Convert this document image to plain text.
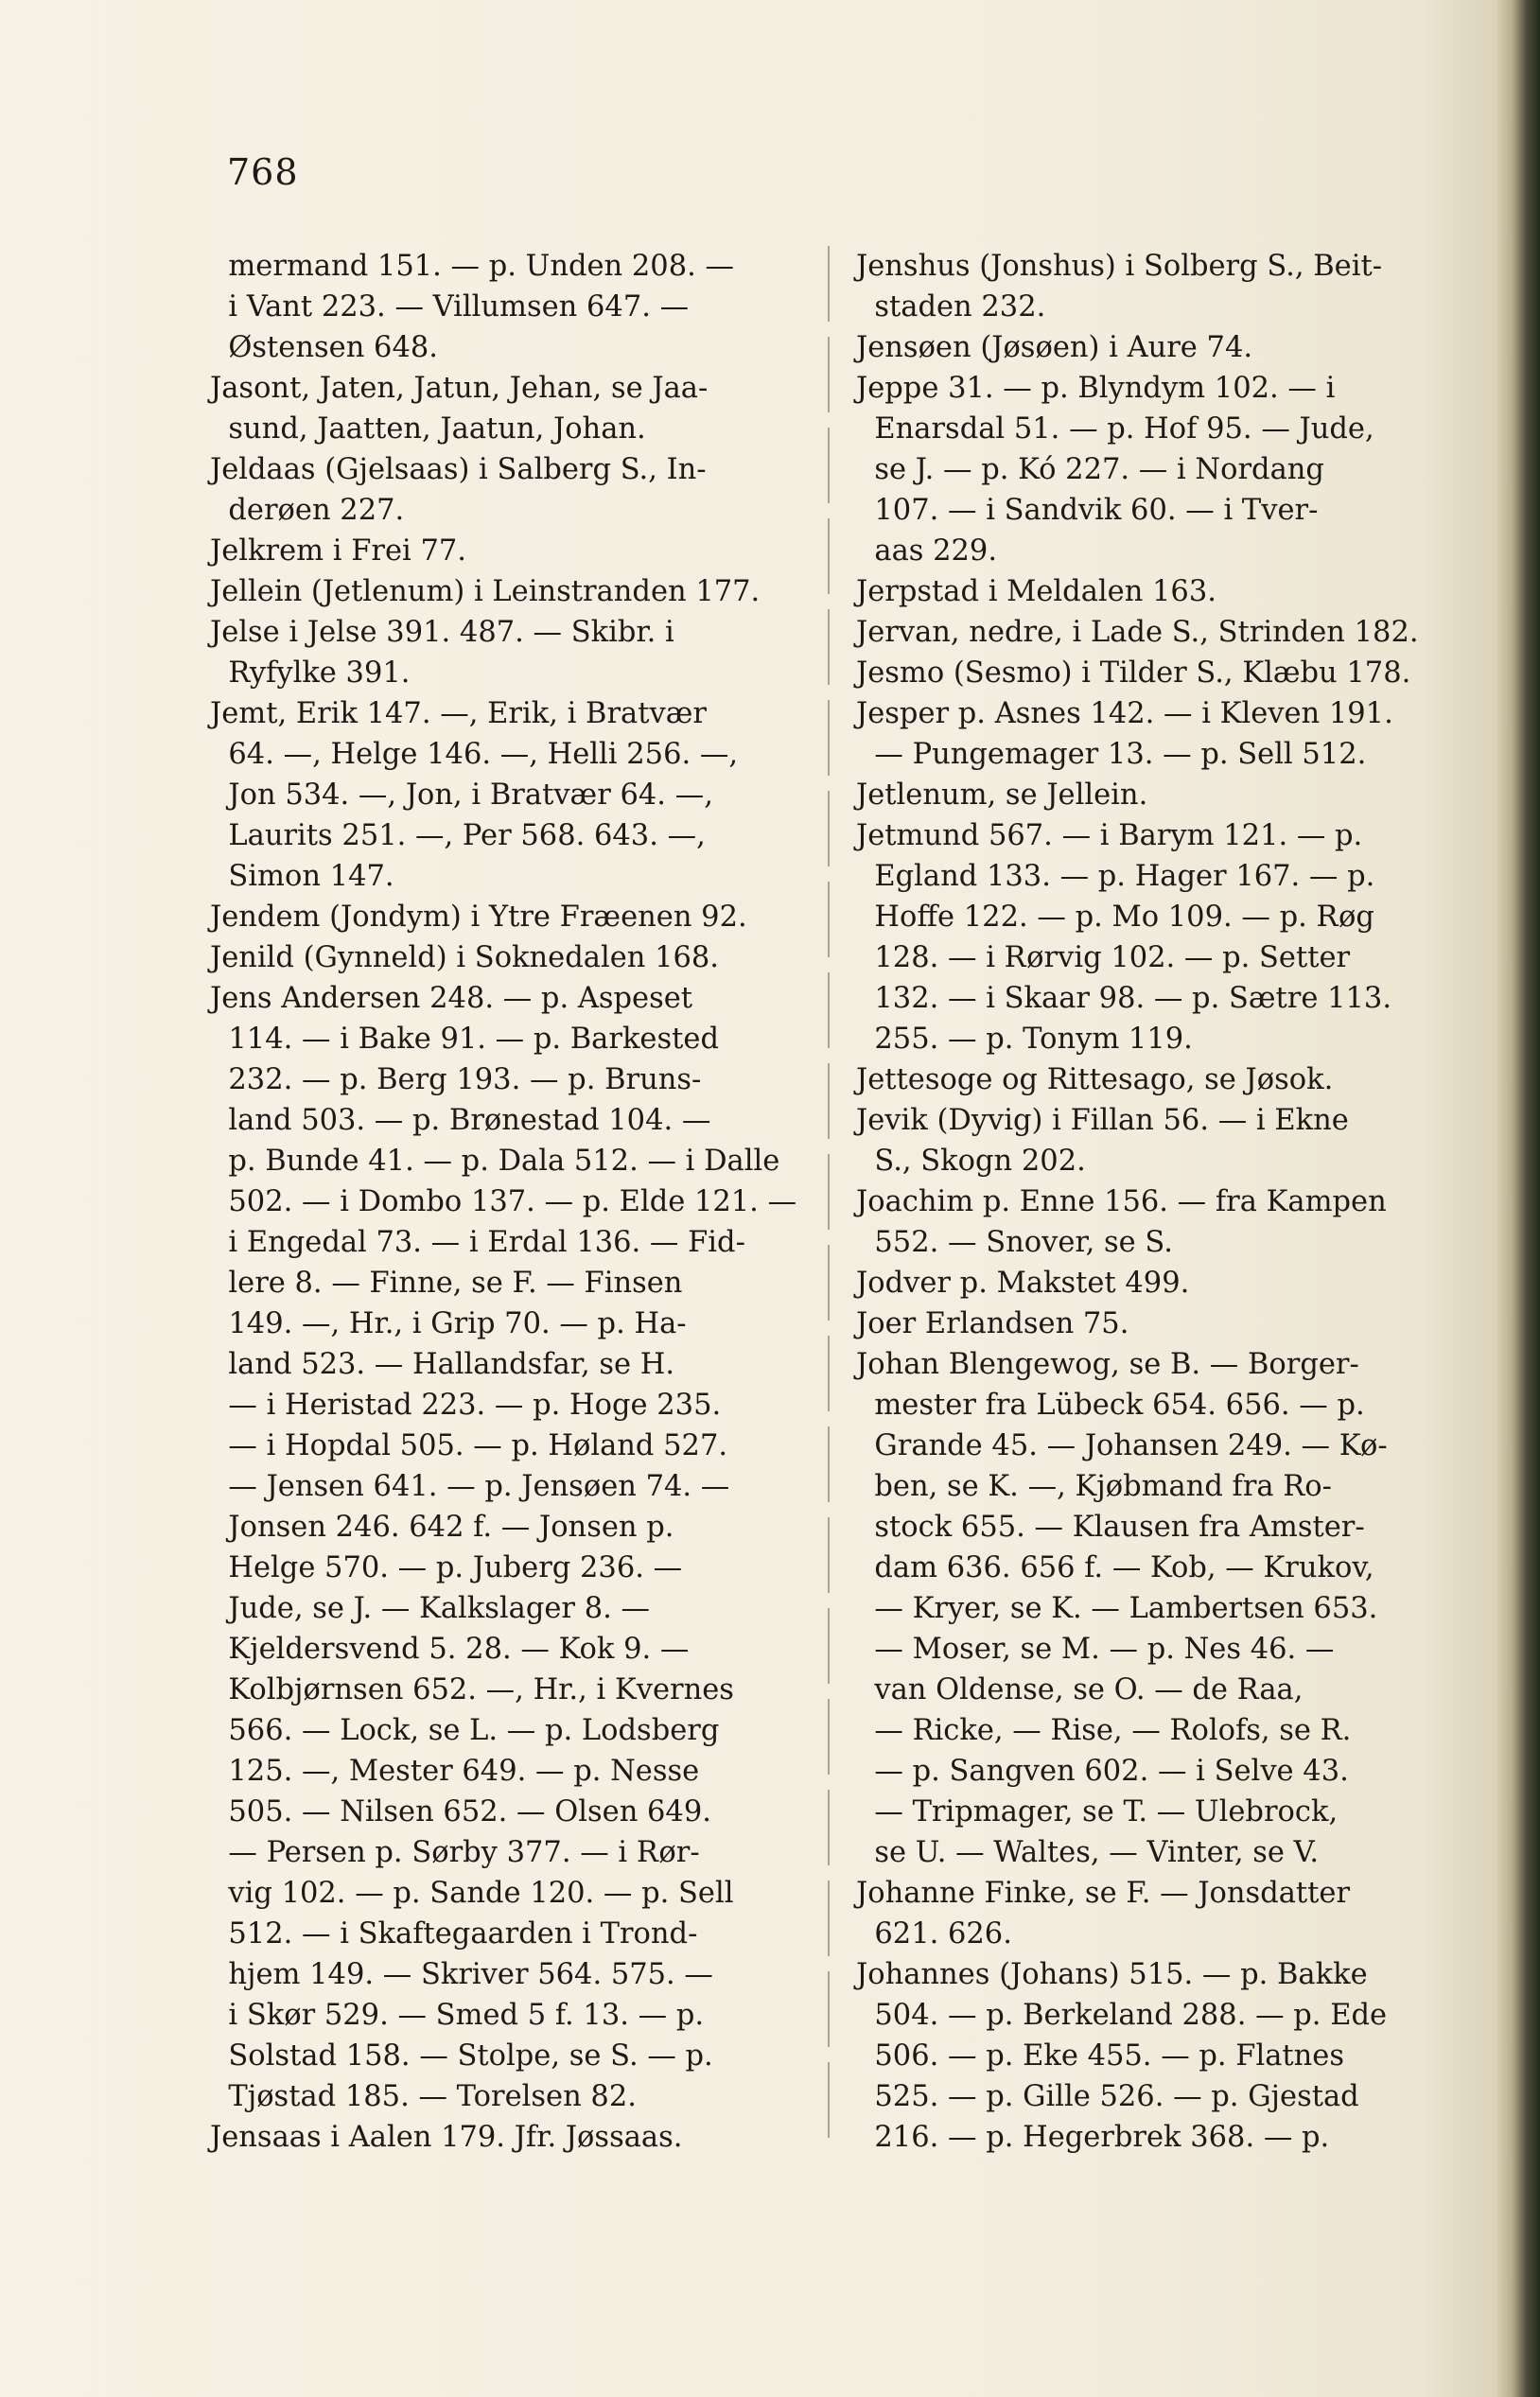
768
mermand 151. — p. Unden 208. —
i Vant 223. — Villumsen 647. —
Østensen 648.
Jasont, Jaten, Jatun, Jehan, se Jaa-
sund, Jaatten, Jaatun, Johan.
Jeldaas (Gjelsaas) i Salberg S., In-
derøen 227.
Jelkrem i Frei 77.
Jellein (Jetlenum) i Leinstranden 177.
Jelse i Jelse 391. 487. — Skibr. i
Ryfylke 391.
Jemt, Erik 147. —, Erik, i Bratvær
64. —, Helge 146. —, Helli 256. —,
Jon 534. —, Jon, i Bratvær 64. —,
Laurits 251. —, Per 568. 643. —,
Simon 147.
Jendem (Jondym) i Ytre Fræenen 92.
Jenild (Gynneld) i Soknedalen 168.
Jens Andersen 248. — p. Aspeset
114. — i Bake 91. — p. Barkested
232. — p. Berg 193. — p. Bruns-
land 503. — p. Brønestad 104. —
p. Bunde 41. — p. Dala 512. — i Dalle
502. — i Dombo 137. — p. Elde 121. —
i Engedal 73. — i Erdal 136. — Fid-
lere 8. — Finne, se F. — Finsen
149. —, Hr., i Grip 70. — p. Ha-
land 523. — Hallandsfar, se H.
— i Heristad 223. — p. Hoge 235.
— i Hopdal 505. — p. Høland 527.
— Jensen 641. — p. Jensøen 74. —
Jonsen 246. 642 f. — Jonsen p.
Helge 570. — p. Juberg 236. —
Jude, se J. — Kalkslager 8. —
Kjeldersvend 5. 28. — Kok 9. —
Kolbjørnsen 652. —, Hr., i Kvernes
566. — Lock, se L. — p. Lodsberg
125. —, Mester 649. — p. Nesse
505. — Nilsen 652. — Olsen 649.
— Persen p. Sørby 377. — i Rør-
vig 102. — p. Sande 120. — p. Sell
512. — i Skaftegaarden i Trond-
hjem 149. — Skriver 564. 575. —
i Skør 529. — Smed 5 f. 13. — p.
Solstad 158. — Stolpe, se S. — p.
Tjøstad 185. — Torelsen 82.
Jensaas i Aalen 179. Jfr. Jøssaas.
Jenshus (Jonshus) i Solberg S., Beit-
staden 232.
Jensøen (Jøsøen) i Aure 74.
Jeppe 31. — p. Blyndym 102. — i
Enarsdal 51. — p. Hof 95. — Jude,
se J. — p. Kó 227. — i Nordang
107. — i Sandvik 60. — i Tver-
aas 229.
Jerpstad i Meldalen 163.
Jervan, nedre, i Lade S., Strinden 182.
Jesmo (Sesmo) i Tilder S., Klæbu 178.
Jesper p. Asnes 142. — i Kleven 191.
— Pungemager 13. — p. Sell 512.
Jetlenum, se Jellein.
Jetmund 567. — i Barym 121. — p.
Egland 133. — p. Hager 167. — p.
Hoffe 122. — p. Mo 109. — p. Røg
128. — i Rørvig 102. — p. Setter
132. — i Skaar 98. — p. Sætre 113.
255. — p. Tonym 119.
Jettesoge og Rittesago, se Jøsok.
Jevik (Dyvig) i Fillan 56. — i Ekne
S., Skogn 202.
Joachim p. Enne 156. — fra Kampen
552. — Snover, se S.
Jodver p. Makstet 499.
Joer Erlandsen 75.
Johan Blengewog, se B. — Borger-
mester fra Lübeck 654. 656. — p.
Grande 45. — Johansen 249. — Kø-
ben, se K. —, Kjøbmand fra Ro-
stock 655. — Klausen fra Amster-
dam 636. 656 f. — Kob, — Krukov,
— Kryer, se K. — Lambertsen 653.
— Moser, se M. — p. Nes 46. —
van Oldense, se O. — de Raa,
— Ricke, — Rise, — Rolofs, se R.
— p. Sangven 602. — i Selve 43.
— Tripmager, se T. — Ulebrock,
se U. — Waltes, — Vinter, se V.
Johanne Finke, se F. — Jonsdatter
621. 626.
Johannes (Johans) 515. — p. Bakke
504. — p. Berkeland 288. — p. Ede
506. — p. Eke 455. — p. Flatnes
525. — p. Gille 526. — p. Gjestad
216. — p. Hegerbrek 368. — p.
